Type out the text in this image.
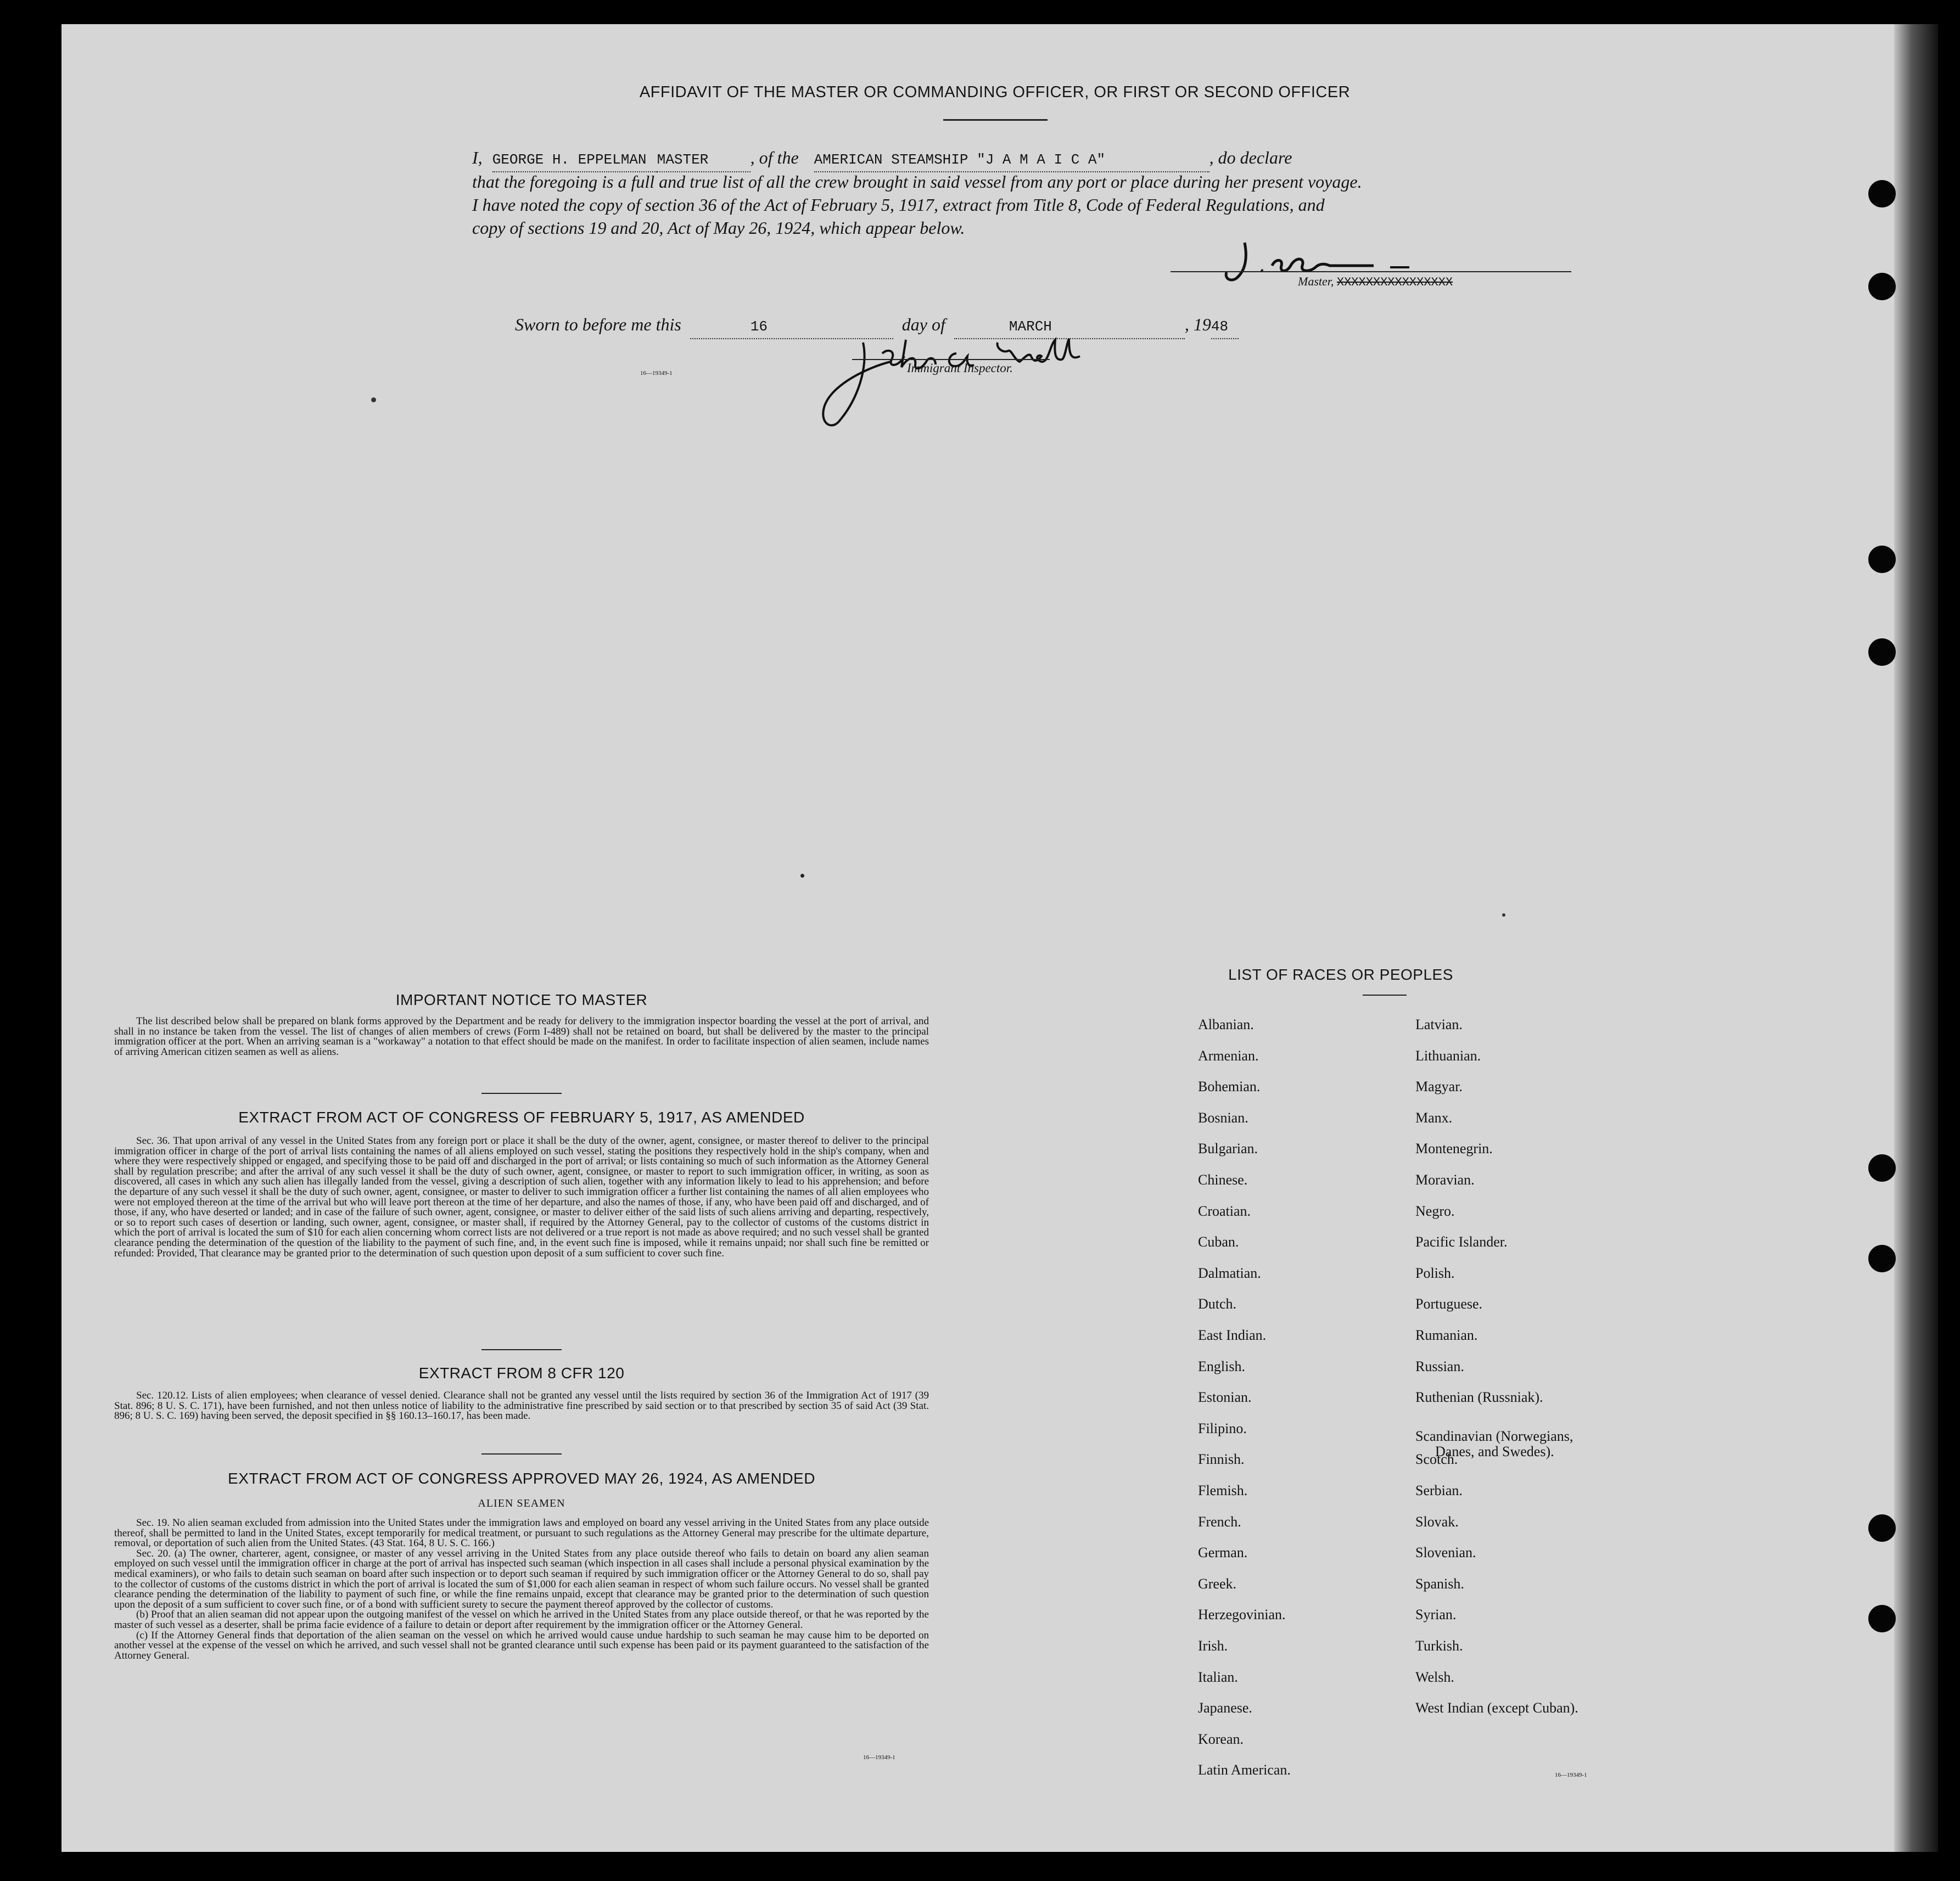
AFFIDAVIT OF THE MASTER OR COMMANDING OFFICER, OR FIRST OR SECOND OFFICER
I, GEORGE H. EPPELMAN MASTER , of the AMERICAN STEAMSHIP "J A M A I C A"	, do declare
that the foregoing is a full and true list of all the crew brought in said vessel from any port or place during her present voyage.
I have noted the copy of section 36 of the Act of February 5, 1917, extract from Title 8, Code of Federal Regulations, and
copy of sections 19 and 20, Act of May 26, 1924, which appear below.
Master, XXXXXXXXXXXXXXXX
Sworn to before me this	16	day of	MARCH	, 1948
Immigrant Inspector.
16—19349-1
IMPORTANT NOTICE TO MASTER

The list described below shall be prepared on blank forms approved by the Department and be ready for delivery to the immigration inspector boarding the vessel at the port of arrival, and shall in no instance be taken from the vessel. The list of changes of alien members of crews (Form I-489) shall not be retained on board, but shall be delivered by the master to the principal immigration officer at the port. When an arriving seaman is a "workaway" a notation to that effect should be made on the manifest. In order to facilitate inspection of alien seamen, include names of arriving American citizen seamen as well as aliens.

EXTRACT FROM ACT OF CONGRESS OF FEBRUARY 5, 1917, AS AMENDED

Sec. 36. That upon arrival of any vessel in the United States from any foreign port or place it shall be the duty of the owner, agent, consignee, or master thereof to deliver to the principal immigration officer in charge of the port of arrival lists containing the names of all aliens employed on such vessel, stating the positions they respectively hold in the ship's company, when and where they were respectively shipped or engaged, and specifying those to be paid off and discharged in the port of arrival; or lists containing so much of such information as the Attorney General shall by regulation prescribe; and after the arrival of any such vessel it shall be the duty of such owner, agent, consignee, or master to report to such immigration officer, in writing, as soon as discovered, all cases in which any such alien has illegally landed from the vessel, giving a description of such alien, together with any information likely to lead to his apprehension; and before the departure of any such vessel it shall be the duty of such owner, agent, consignee, or master to deliver to such immigration officer a further list containing the names of all alien employees who were not employed thereon at the time of the arrival but who will leave port thereon at the time of her departure, and also the names of those, if any, who have been paid off and discharged, and of those, if any, who have deserted or landed; and in case of the failure of such owner, agent, consignee, or master to deliver either of the said lists of such aliens arriving and departing, respectively, or so to report such cases of desertion or landing, such owner, agent, consignee, or master shall, if required by the Attorney General, pay to the collector of customs of the customs district in which the port of arrival is located the sum of $10 for each alien concerning whom correct lists are not delivered or a true report is not made as above required; and no such vessel shall be granted clearance pending the determination of the question of the liability to the payment of such fine, and, in the event such fine is imposed, while it remains unpaid; nor shall such fine be remitted or refunded: Provided, That clearance may be granted prior to the determination of such question upon deposit of a sum sufficient to cover such fine.

EXTRACT FROM 8 CFR 120

Sec. 120.12. Lists of alien employees; when clearance of vessel denied. Clearance shall not be granted any vessel until the lists required by section 36 of the Immigration Act of 1917 (39 Stat. 896; 8 U. S. C. 171), have been furnished, and not then unless notice of liability to the administrative fine prescribed by said section or to that prescribed by section 35 of said Act (39 Stat. 896; 8 U. S. C. 169) having been served, the deposit specified in §§ 160.13–160.17, has been made.

EXTRACT FROM ACT OF CONGRESS APPROVED MAY 26, 1924, AS AMENDED
ALIEN SEAMEN

Sec. 19. No alien seaman excluded from admission into the United States under the immigration laws and employed on board any vessel arriving in the United States from any place outside thereof, shall be permitted to land in the United States, except temporarily for medical treatment, or pursuant to such regulations as the Attorney General may prescribe for the ultimate departure, removal, or deportation of such alien from the United States. (43 Stat. 164, 8 U. S. C. 166.)

Sec. 20. (a) The owner, charterer, agent, consignee, or master of any vessel arriving in the United States from any place outside thereof who fails to detain on board any alien seaman employed on such vessel until the immigration officer in charge at the port of arrival has inspected such seaman (which inspection in all cases shall include a personal physical examination by the medical examiners), or who fails to detain such seaman on board after such inspection or to deport such seaman if required by such immigration officer or the Attorney General to do so, shall pay to the collector of customs of the customs district in which the port of arrival is located the sum of $1,000 for each alien seaman in respect of whom such failure occurs. No vessel shall be granted clearance pending the determination of the liability to payment of such fine, or while the fine remains unpaid, except that clearance may be granted prior to the determination of such question upon the deposit of a sum sufficient to cover such fine, or of a bond with sufficient surety to secure the payment thereof approved by the collector of customs.

(b) Proof that an alien seaman did not appear upon the outgoing manifest of the vessel on which he arrived in the United States from any place outside thereof, or that he was reported by the master of such vessel as a deserter, shall be prima facie evidence of a failure to detain or deport after requirement by the immigration officer or the Attorney General.

(c) If the Attorney General finds that deportation of the alien seaman on the vessel on which he arrived would cause undue hardship to such seaman he may cause him to be deported on another vessel at the expense of the vessel on which he arrived, and such vessel shall not be granted clearance until such expense has been paid or its payment guaranteed to the satisfaction of the Attorney General.

16—19349-1
LIST OF RACES OR PEOPLES
16—19349-1
Albanian.
Armenian.
Bohemian.
Bosnian.
Bulgarian.
Chinese.
Croatian.
Cuban.
Dalmatian.
Dutch.
East Indian.
English.
Estonian.
Filipino.
Finnish.
Flemish.
French.
German.
Greek.
Herzegovinian.
Irish.
Italian.
Japanese.
Korean.
Latin American.
Latvian.
Lithuanian.
Magyar.
Manx.
Montenegrin.
Moravian.
Negro.
Pacific Islander.
Polish.
Portuguese.
Rumanian.
Russian.
Ruthenian (Russniak).
Scandinavian (Norwegians,
Danes, and Swedes).
Scotch.
Serbian.
Slovak.
Slovenian.
Spanish.
Syrian.
Turkish.
Welsh.
West Indian (except Cuban).
